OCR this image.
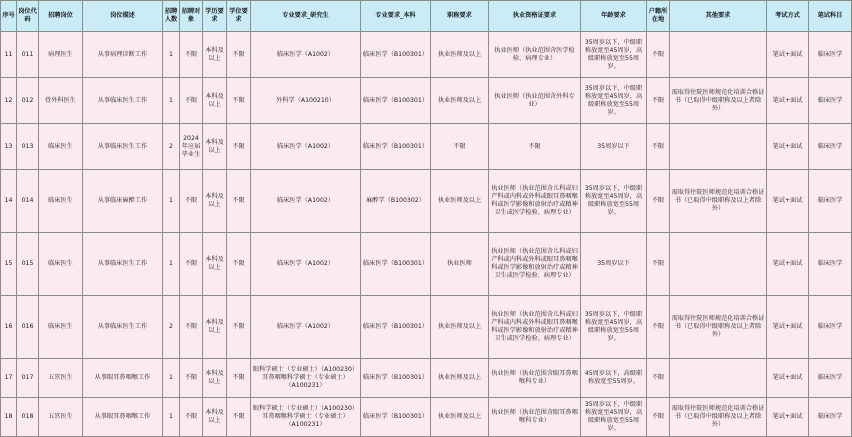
序号	岗位代码	招聘岗位	岗位描述	招聘人数	招聘对象	学历要求	学位要求	专业要求_研究生	专业要求_本科	职称要求	执业资格证要求	年龄要求	户籍所在地	其他要求	考试方式	笔试科目
11	011	病理医生	从事病理诊断工作	1	不限	本科及以上	不限	临床医学（A1002）	临床医学（B100301）	执业医师及以上	执业医师（执业范围含医学检验、病理专业）	35周岁以下，中级职称放宽至45周岁，高级职称放宽至55周岁。	不限		笔试+面试	临床医学
12	012	骨外科医生	从事临床医生工作	1	不限	本科及以上	不限	外科学（A100210）	临床医学（B100301）	执业医师及以上	执业医师（执业范围含外科专业）	35周岁以下，中级职称放宽至45周岁，高级职称放宽至55周岁。	不限	需取得住院医师规范化培训合格证书（已取得中级职称及以上者除外）	笔试+面试	临床医学
13	013	临床医生	从事临床医生工作	2	2024年应届毕业生	本科及以上	不限	临床医学（A1002）	临床医学（B100301）	不限	不限	35周岁以下	不限		笔试+面试	临床医学
14	014	临床医生	从事临床麻醉工作	1	不限	本科及以上	不限	临床医学（A1002）	麻醉学（B100302）	执业医师及以上	执业医师（执业范围含儿科或妇产科或内科或外科或眼耳鼻咽喉科或医学影像和放射治疗或精神卫生或医学检验、病理专业）	35周岁以下，中级职称放宽至45周岁，高级职称放宽至55周岁。	不限	需取得住院医师规范化培训合格证书（已取得中级职称及以上者除外）	笔试+面试	临床医学
15	015	临床医生	从事临床医生工作	1	不限	本科及以上	不限	临床医学（A1002）	临床医学（B100301）	执业医师	执业医师（执业范围含儿科或妇产科或内科或外科或眼耳鼻咽喉科或医学影像和放射治疗或精神卫生或医学检验、病理专业）	35周岁以下	不限		笔试+面试	临床医学
16	016	临床医生	从事临床医生工作	2	不限	本科及以上	不限	临床医学（A1002）	临床医学（B100301）	执业医师及以上	执业医师（执业范围含儿科或妇产科或内科或外科或眼耳鼻咽喉科或医学影像和放射治疗或精神卫生或医学检验、病理专业）	35周岁以下，中级职称放宽至45周岁，高级职称放宽至55周岁。	不限	需取得住院医师规范化培训合格证书（已取得中级职称及以上者除外）	笔试+面试	临床医学
17	017	五官医生	从事眼耳鼻咽喉工作	1	不限	本科及以上	不限	眼科学硕士（专业硕士）（A100230）耳鼻咽喉科学硕士（专业硕士）（A100231）	临床医学（B100301）	执业医师及以上	执业医师（执业范围含眼耳鼻咽喉科专业）	45周岁以下，高级职称放宽至55周岁。	不限		笔试+面试	临床医学
18	018	五官医生	从事眼耳鼻咽喉工作	1	不限	本科及以上	不限	眼科学硕士（专业硕士）（A100230）耳鼻咽喉科学硕士（专业硕士）（A100231）	临床医学（B100301）	执业医师及以上	执业医师（执业范围含眼耳鼻咽喉科专业）	35周岁以下，中级职称放宽至45周岁，高级职称放宽至55周岁。	不限	需取得住院医师规范化培训合格证书（已取得中级职称及以上者除外）	笔试+面试	临床医学
